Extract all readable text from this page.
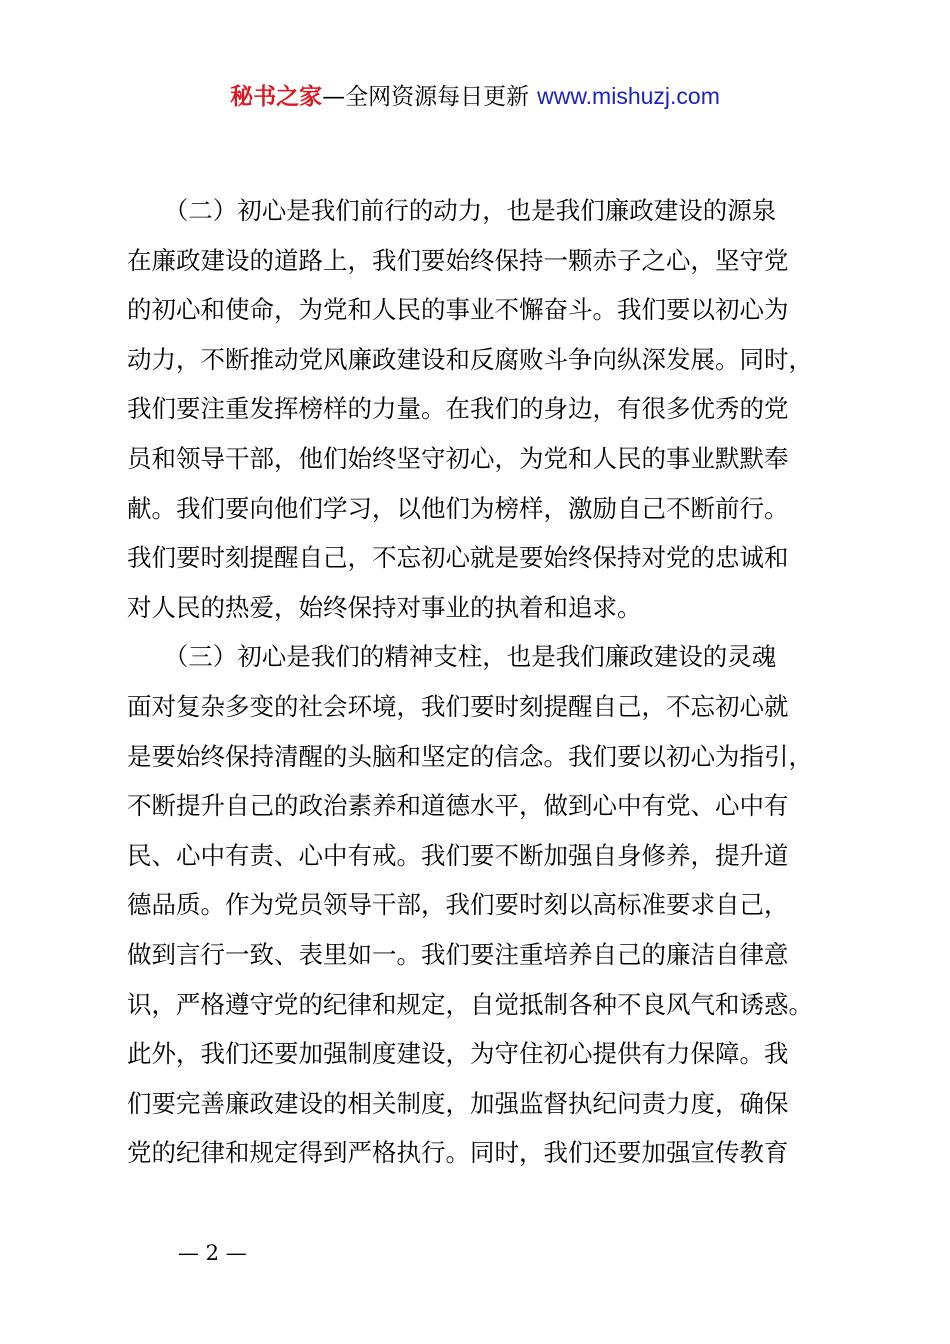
秘书之家—全网资源每日更新 www.mishuzj.com
　　（二）初心是我们前行的动力，也是我们廉政建设的源泉
在廉政建设的道路上，我们要始终保持一颗赤子之心，坚守党
的初心和使命，为党和人民的事业不懈奋斗。我们要以初心为
动力，不断推动党风廉政建设和反腐败斗争向纵深发展。同时，
我们要注重发挥榜样的力量。在我们的身边，有很多优秀的党
员和领导干部，他们始终坚守初心，为党和人民的事业默默奉
献。我们要向他们学习，以他们为榜样，激励自己不断前行。
我们要时刻提醒自己，不忘初心就是要始终保持对党的忠诚和
对人民的热爱，始终保持对事业的执着和追求。
　　（三）初心是我们的精神支柱，也是我们廉政建设的灵魂
面对复杂多变的社会环境，我们要时刻提醒自己，不忘初心就
是要始终保持清醒的头脑和坚定的信念。我们要以初心为指引，
不断提升自己的政治素养和道德水平，做到心中有党、心中有
民、心中有责、心中有戒。我们要不断加强自身修养，提升道
德品质。作为党员领导干部，我们要时刻以高标准要求自己，
做到言行一致、表里如一。我们要注重培养自己的廉洁自律意
识，严格遵守党的纪律和规定，自觉抵制各种不良风气和诱惑。
此外，我们还要加强制度建设，为守住初心提供有力保障。我
们要完善廉政建设的相关制度，加强监督执纪问责力度，确保
党的纪律和规定得到严格执行。同时，我们还要加强宣传教育
— 2 —
